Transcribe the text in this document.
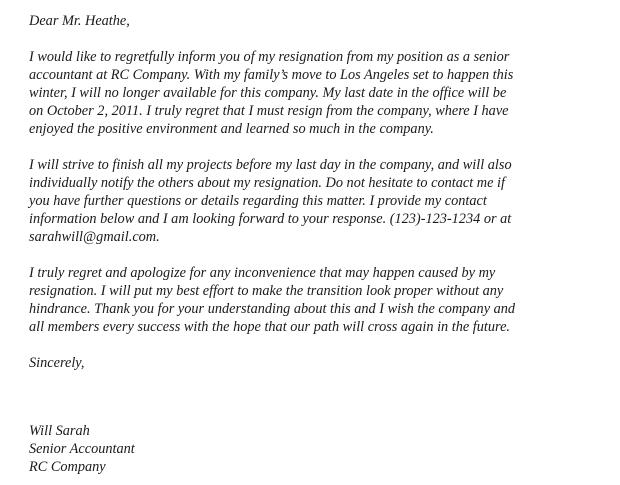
Dear Mr. Heathe,

I would like to regretfully inform you of my resignation from my position as a senior
accountant at RC Company. With my family’s move to Los Angeles set to happen this
winter, I will no longer available for this company. My last date in the office will be
on October 2, 2011. I truly regret that I must resign from the company, where I have
enjoyed the positive environment and learned so much in the company.
I will strive to finish all my projects before my last day in the company, and will also
individually notify the others about my resignation. Do not hesitate to contact me if
you have further questions or details regarding this matter. I provide my contact
information below and I am looking forward to your response. (123)-123-1234 or at
sarahwill@gmail.com.
I truly regret and apologize for any inconvenience that may happen caused by my
resignation. I will put my best effort to make the transition look proper without any
hindrance. Thank you for your understanding about this and I wish the company and
all members every success with the hope that our path will cross again in the future.

Sincerely,

Will Sarah
Senior Accountant
RC Company
